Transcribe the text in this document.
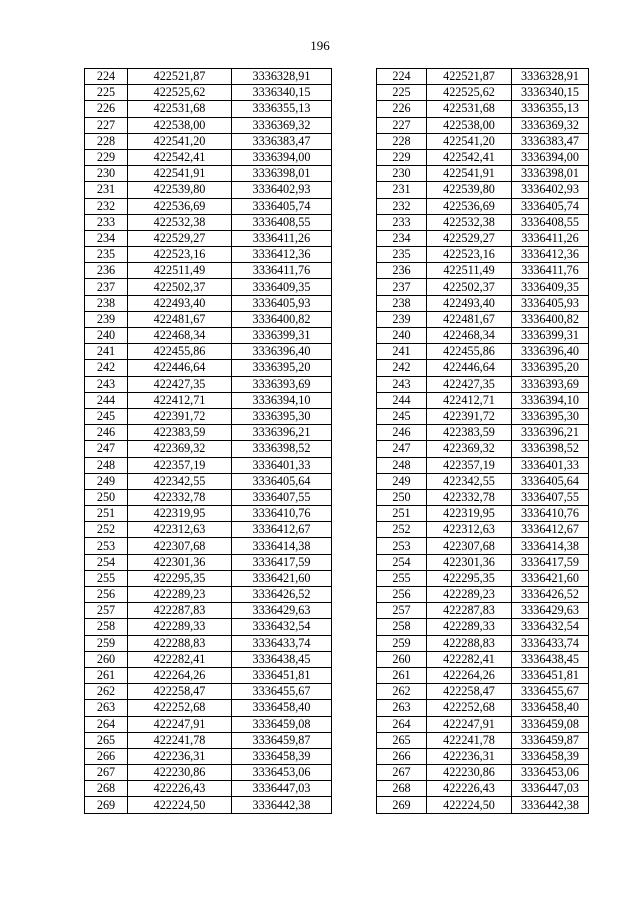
196
224	422521,87	3336328,91
225	422525,62	3336340,15
226	422531,68	3336355,13
227	422538,00	3336369,32
228	422541,20	3336383,47
229	422542,41	3336394,00
230	422541,91	3336398,01
231	422539,80	3336402,93
232	422536,69	3336405,74
233	422532,38	3336408,55
234	422529,27	3336411,26
235	422523,16	3336412,36
236	422511,49	3336411,76
237	422502,37	3336409,35
238	422493,40	3336405,93
239	422481,67	3336400,82
240	422468,34	3336399,31
241	422455,86	3336396,40
242	422446,64	3336395,20
243	422427,35	3336393,69
244	422412,71	3336394,10
245	422391,72	3336395,30
246	422383,59	3336396,21
247	422369,32	3336398,52
248	422357,19	3336401,33
249	422342,55	3336405,64
250	422332,78	3336407,55
251	422319,95	3336410,76
252	422312,63	3336412,67
253	422307,68	3336414,38
254	422301,36	3336417,59
255	422295,35	3336421,60
256	422289,23	3336426,52
257	422287,83	3336429,63
258	422289,33	3336432,54
259	422288,83	3336433,74
260	422282,41	3336438,45
261	422264,26	3336451,81
262	422258,47	3336455,67
263	422252,68	3336458,40
264	422247,91	3336459,08
265	422241,78	3336459,87
266	422236,31	3336458,39
267	422230,86	3336453,06
268	422226,43	3336447,03
269	422224,50	3336442,38
224	422521,87	3336328,91
225	422525,62	3336340,15
226	422531,68	3336355,13
227	422538,00	3336369,32
228	422541,20	3336383,47
229	422542,41	3336394,00
230	422541,91	3336398,01
231	422539,80	3336402,93
232	422536,69	3336405,74
233	422532,38	3336408,55
234	422529,27	3336411,26
235	422523,16	3336412,36
236	422511,49	3336411,76
237	422502,37	3336409,35
238	422493,40	3336405,93
239	422481,67	3336400,82
240	422468,34	3336399,31
241	422455,86	3336396,40
242	422446,64	3336395,20
243	422427,35	3336393,69
244	422412,71	3336394,10
245	422391,72	3336395,30
246	422383,59	3336396,21
247	422369,32	3336398,52
248	422357,19	3336401,33
249	422342,55	3336405,64
250	422332,78	3336407,55
251	422319,95	3336410,76
252	422312,63	3336412,67
253	422307,68	3336414,38
254	422301,36	3336417,59
255	422295,35	3336421,60
256	422289,23	3336426,52
257	422287,83	3336429,63
258	422289,33	3336432,54
259	422288,83	3336433,74
260	422282,41	3336438,45
261	422264,26	3336451,81
262	422258,47	3336455,67
263	422252,68	3336458,40
264	422247,91	3336459,08
265	422241,78	3336459,87
266	422236,31	3336458,39
267	422230,86	3336453,06
268	422226,43	3336447,03
269	422224,50	3336442,38
